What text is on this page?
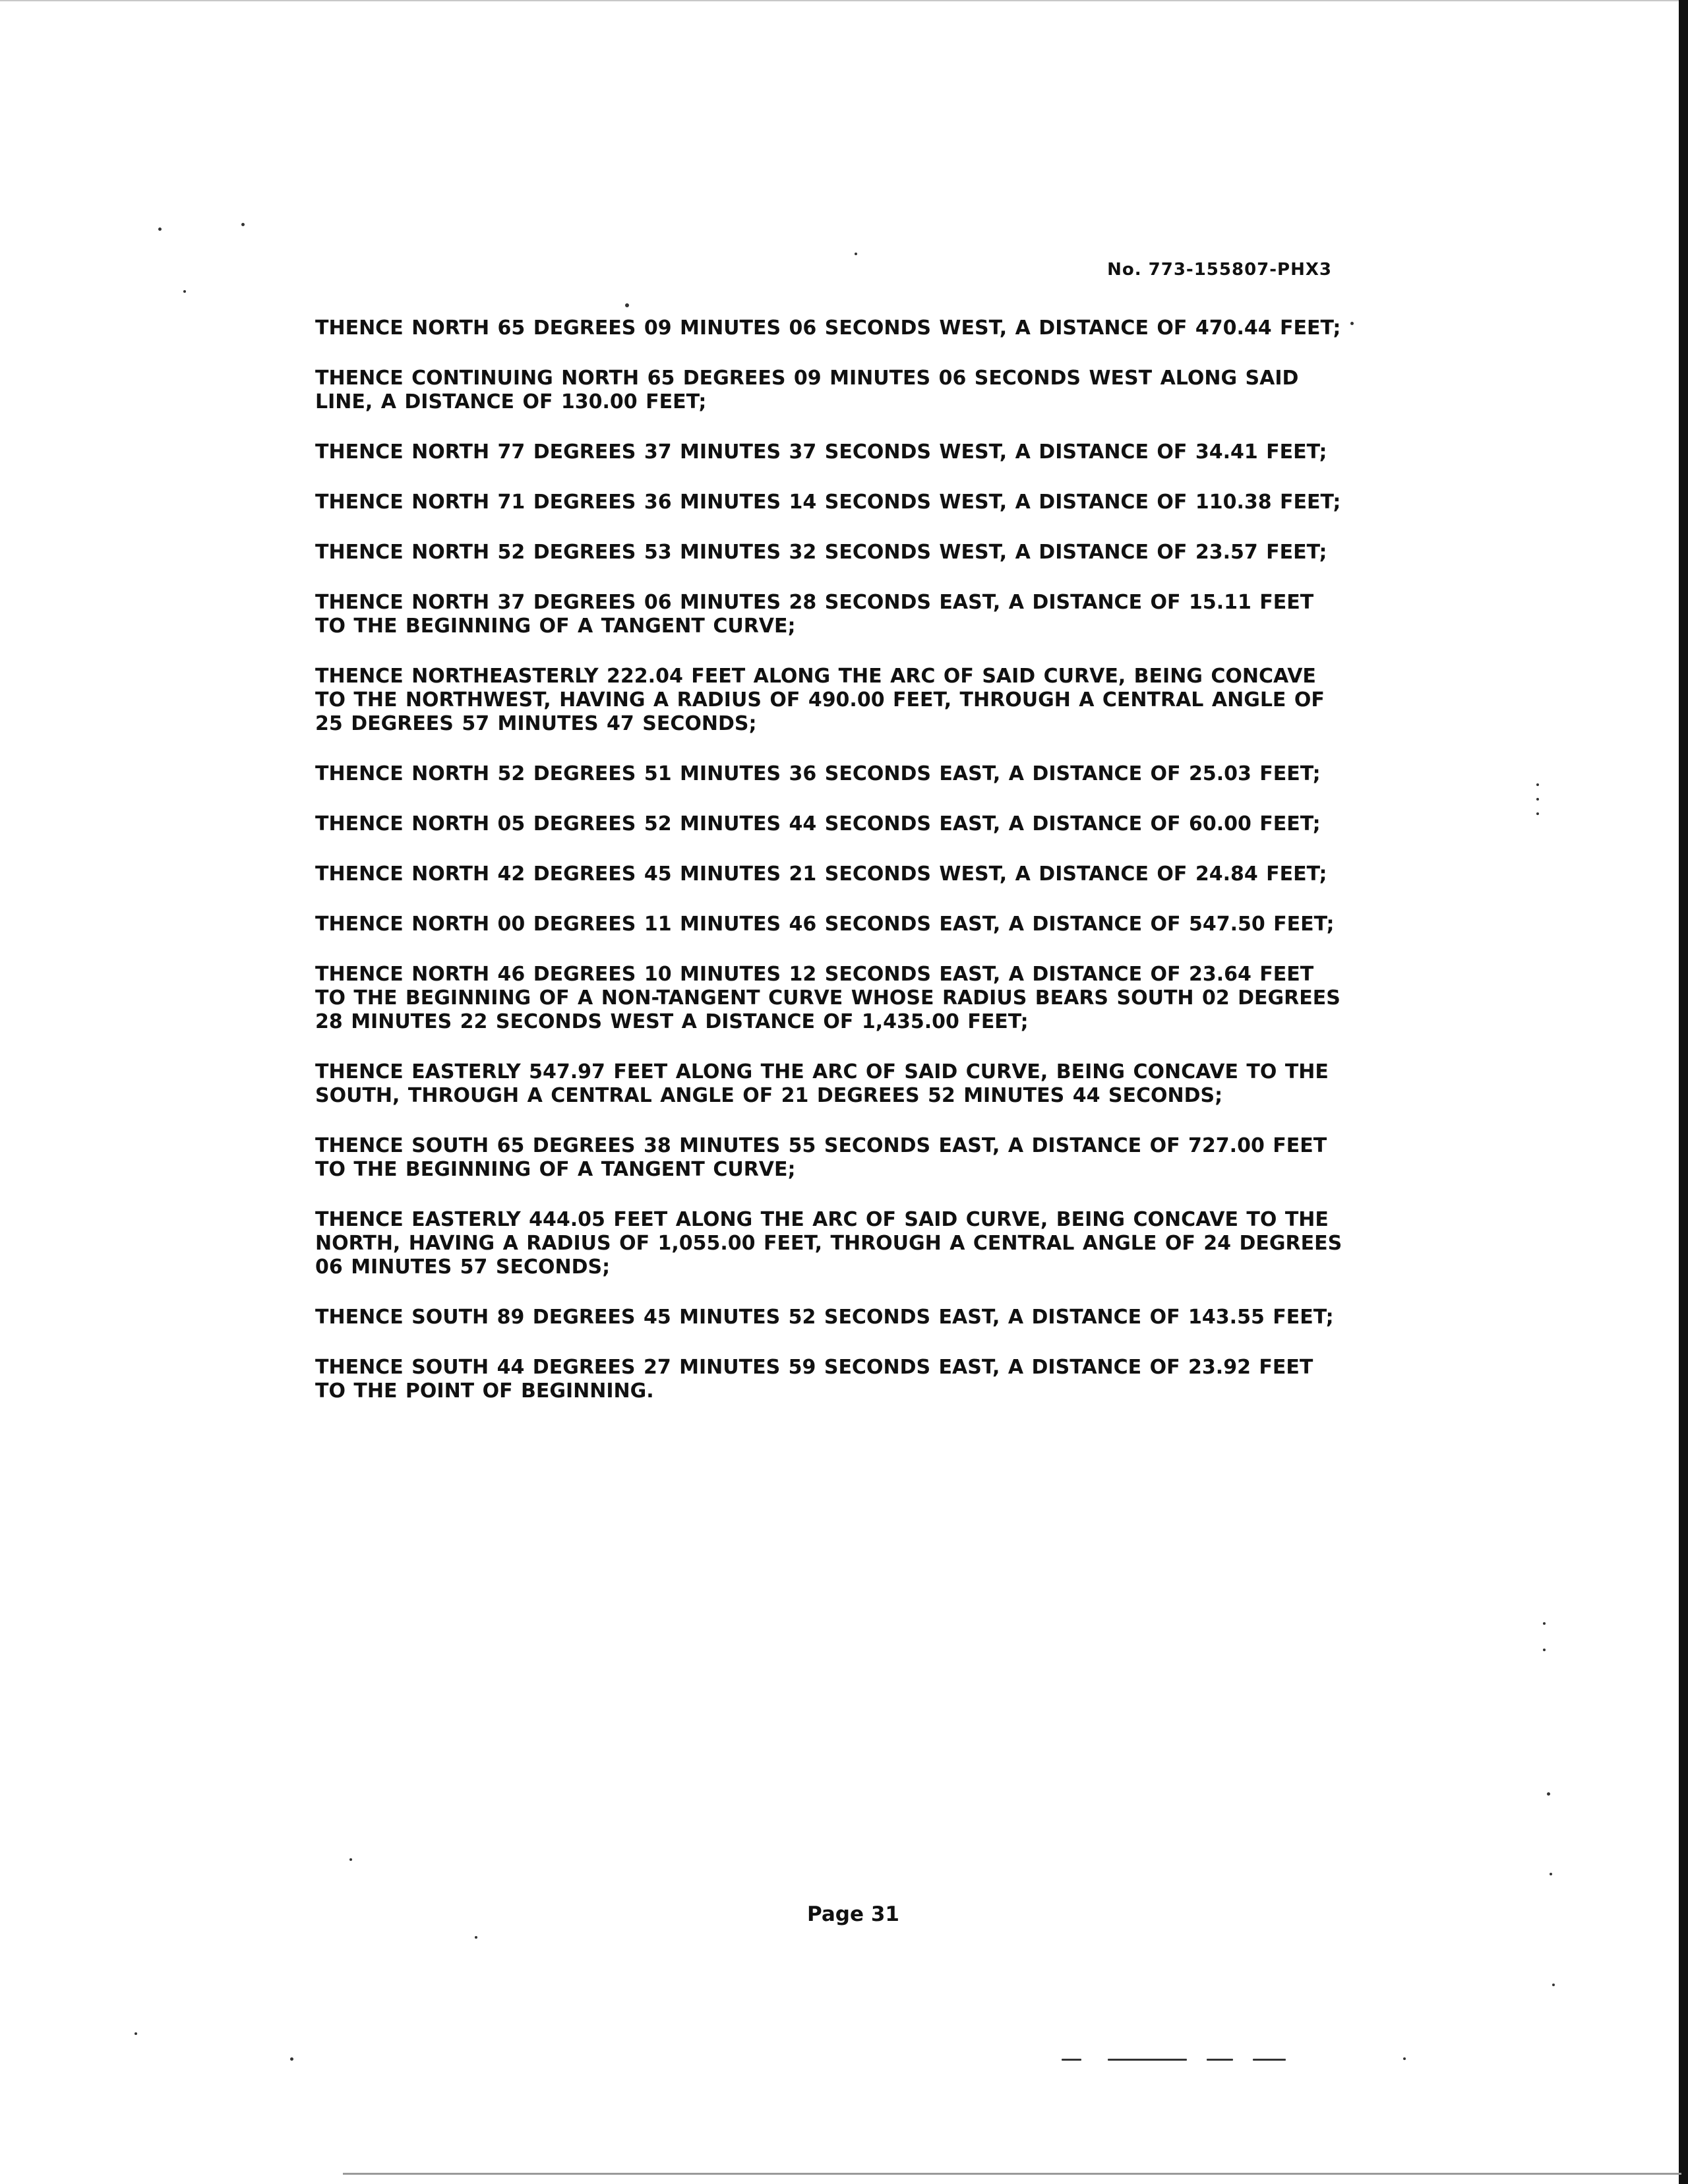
No. 773-155807-PHX3

THENCE NORTH 65 DEGREES 09 MINUTES 06 SECONDS WEST, A DISTANCE OF 470.44 FEET;

THENCE CONTINUING NORTH 65 DEGREES 09 MINUTES 06 SECONDS WEST ALONG SAID LINE, A DISTANCE OF 130.00 FEET;

THENCE NORTH 77 DEGREES 37 MINUTES 37 SECONDS WEST, A DISTANCE OF 34.41 FEET;

THENCE NORTH 71 DEGREES 36 MINUTES 14 SECONDS WEST, A DISTANCE OF 110.38 FEET;

THENCE NORTH 52 DEGREES 53 MINUTES 32 SECONDS WEST, A DISTANCE OF 23.57 FEET;

THENCE NORTH 37 DEGREES 06 MINUTES 28 SECONDS EAST, A DISTANCE OF 15.11 FEET TO THE BEGINNING OF A TANGENT CURVE;

THENCE NORTHEASTERLY 222.04 FEET ALONG THE ARC OF SAID CURVE, BEING CONCAVE TO THE NORTHWEST, HAVING A RADIUS OF 490.00 FEET, THROUGH A CENTRAL ANGLE OF 25 DEGREES 57 MINUTES 47 SECONDS;

THENCE NORTH 52 DEGREES 51 MINUTES 36 SECONDS EAST, A DISTANCE OF 25.03 FEET;

THENCE NORTH 05 DEGREES 52 MINUTES 44 SECONDS EAST, A DISTANCE OF 60.00 FEET;

THENCE NORTH 42 DEGREES 45 MINUTES 21 SECONDS WEST, A DISTANCE OF 24.84 FEET;

THENCE NORTH 00 DEGREES 11 MINUTES 46 SECONDS EAST, A DISTANCE OF 547.50 FEET;

THENCE NORTH 46 DEGREES 10 MINUTES 12 SECONDS EAST, A DISTANCE OF 23.64 FEET TO THE BEGINNING OF A NON-TANGENT CURVE WHOSE RADIUS BEARS SOUTH 02 DEGREES 28 MINUTES 22 SECONDS WEST A DISTANCE OF 1,435.00 FEET;

THENCE EASTERLY 547.97 FEET ALONG THE ARC OF SAID CURVE, BEING CONCAVE TO THE SOUTH, THROUGH A CENTRAL ANGLE OF 21 DEGREES 52 MINUTES 44 SECONDS;

THENCE SOUTH 65 DEGREES 38 MINUTES 55 SECONDS EAST, A DISTANCE OF 727.00 FEET TO THE BEGINNING OF A TANGENT CURVE;

THENCE EASTERLY 444.05 FEET ALONG THE ARC OF SAID CURVE, BEING CONCAVE TO THE NORTH, HAVING A RADIUS OF 1,055.00 FEET, THROUGH A CENTRAL ANGLE OF 24 DEGREES 06 MINUTES 57 SECONDS;

THENCE SOUTH 89 DEGREES 45 MINUTES 52 SECONDS EAST, A DISTANCE OF 143.55 FEET;

THENCE SOUTH 44 DEGREES 27 MINUTES 59 SECONDS EAST, A DISTANCE OF 23.92 FEET TO THE POINT OF BEGINNING.

Page 31
